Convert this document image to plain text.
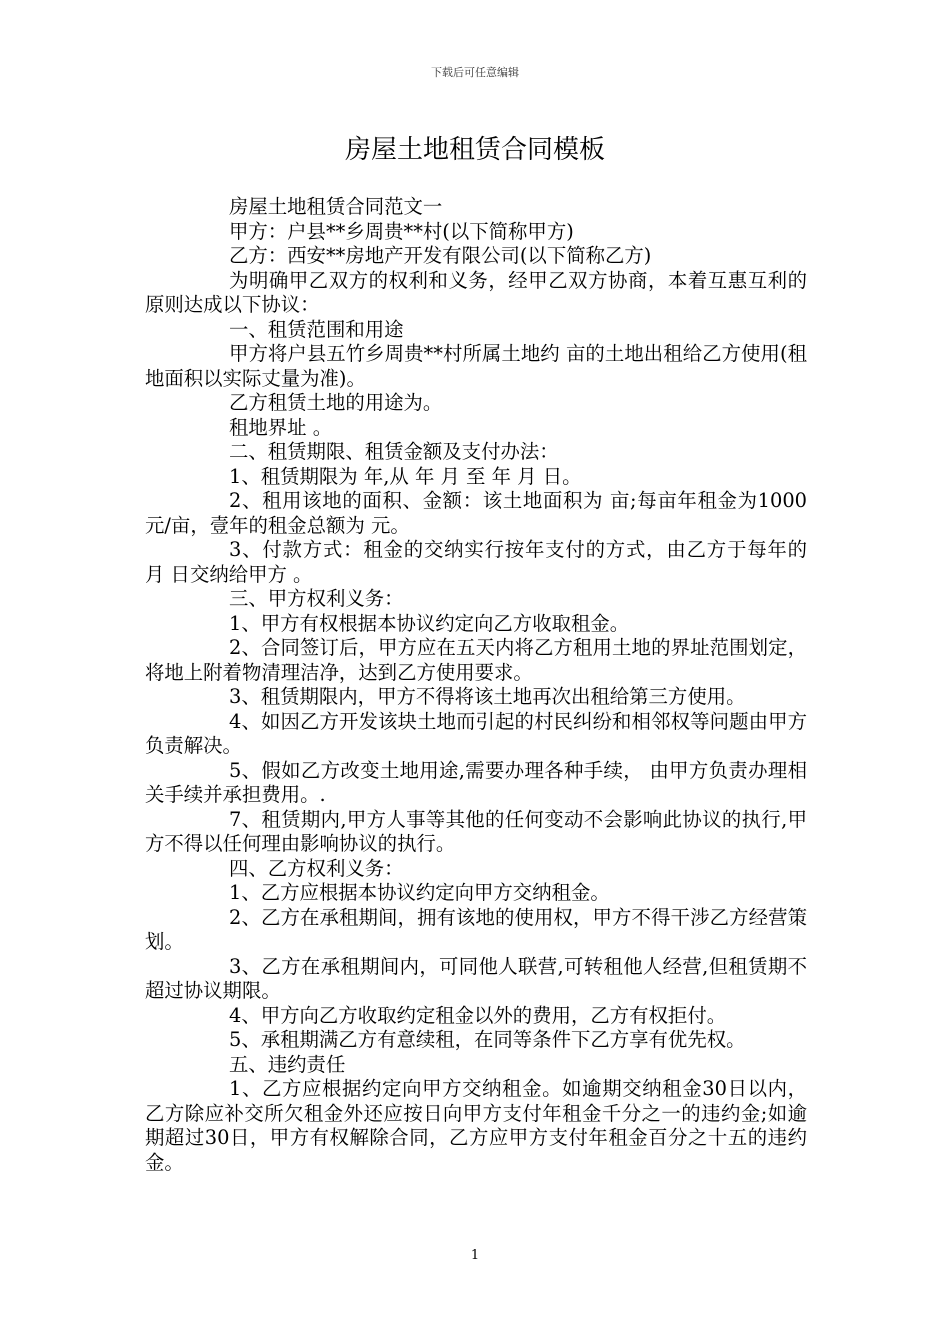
下载后可任意编辑
房屋土地租赁合同模板

房屋土地租赁合同范文一

甲方：户县**乡周贵**村(以下简称甲方)

乙方：西安**房地产开发有限公司(以下简称乙方)

为明确甲乙双方的权利和义务，经甲乙双方协商，本着互惠互利的原则达成以下协议：

一、租赁范围和用途

甲方将户县五竹乡周贵**村所属土地约 亩的土地出租给乙方使用(租地面积以实际丈量为准)。

乙方租赁土地的用途为。

租地界址 。

二、租赁期限、租赁金额及支付办法：

1、租赁期限为 年,从 年 月 至 年 月 日。

2、租用该地的面积、金额：该土地面积为 亩;每亩年租金为1000元/亩，壹年的租金总额为 元。

3、付款方式：租金的交纳实行按年支付的方式，由乙方于每年的 月 日交纳给甲方 。

三、甲方权利义务：

1、甲方有权根据本协议约定向乙方收取租金。

2、合同签订后，甲方应在五天内将乙方租用土地的界址范围划定，将地上附着物清理洁净，达到乙方使用要求。

3、租赁期限内，甲方不得将该土地再次出租给第三方使用。

4、如因乙方开发该块土地而引起的村民纠纷和相邻权等问题由甲方负责解决。

5、假如乙方改变土地用途,需要办理各种手续， 由甲方负责办理相关手续并承担费用。.

7、租赁期内,甲方人事等其他的任何变动不会影响此协议的执行,甲方不得以任何理由影响协议的执行。

四、乙方权利义务：

1、乙方应根据本协议约定向甲方交纳租金。

2、乙方在承租期间，拥有该地的使用权，甲方不得干涉乙方经营策划。

3、乙方在承租期间内，可同他人联营,可转租他人经营,但租赁期不超过协议期限。

4、甲方向乙方收取约定租金以外的费用，乙方有权拒付。

5、承租期满乙方有意续租，在同等条件下乙方享有优先权。

五、违约责任

1、乙方应根据约定向甲方交纳租金。如逾期交纳租金30日以内，乙方除应补交所欠租金外还应按日向甲方支付年租金千分之一的违约金;如逾期超过30日，甲方有权解除合同，乙方应甲方支付年租金百分之十五的违约金。

1
